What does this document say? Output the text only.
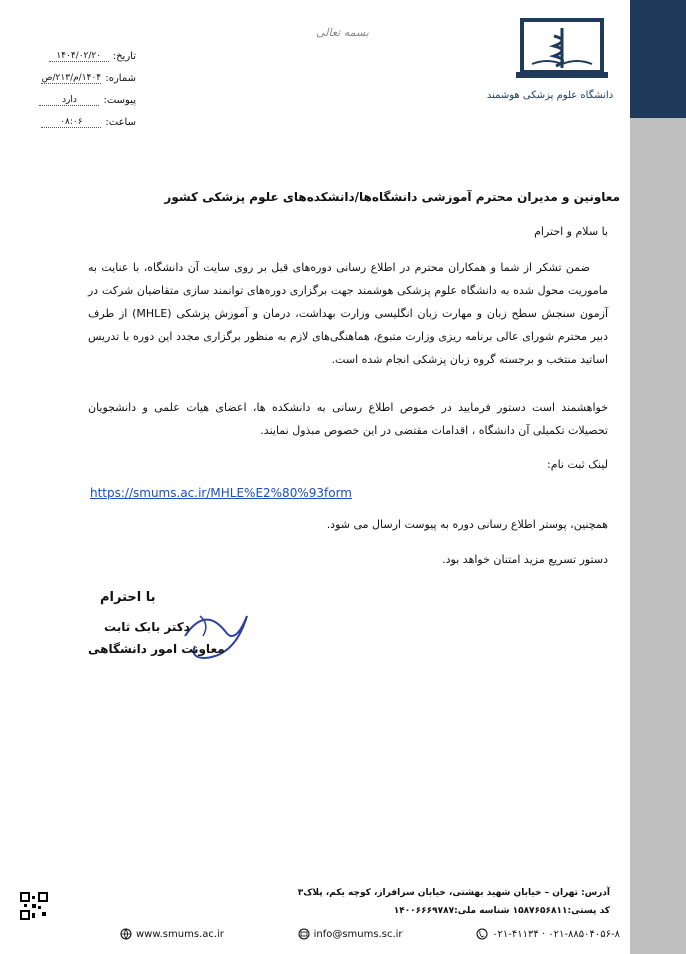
دانشگاه علوم پزشکی هوشمند
بسمه تعالی
تاریخ:
۱۴۰۴/۰۲/۲۰
شماره:
۱۴۰۴/م/۲۱۳/ص
پیوست:
دارد
ساعت:
۰۸:۰۶
معاونین و مدیران محترم آموزشی دانشگاه‌ها/دانشکده‌های علوم پزشکی کشور
با سلام و احترام
ضمن تشکر از شما و همکاران محترم در اطلاع رسانی دوره‌های قبل بر روی سایت آن دانشگاه، با عنایت به ماموریت محول شده به دانشگاه علوم پزشکی هوشمند جهت برگزاری دوره‌های توانمند سازی متقاضیان شرکت در آزمون سنجش سطح زبان و مهارت زبان انگلیسی وزارت بهداشت، درمان و آموزش پزشکی (MHLE) از طرف دبیر محترم شورای عالی برنامه ریزی وزارت متبوع، هماهنگی‌های لازم به منظور برگزاری مجدد این دوره با تدریس اساتید منتخب و برجسته گروه زبان پزشکی انجام شده است.
خواهشمند است دستور فرمایید در خصوص اطلاع رسانی به دانشکده ها، اعضای هیات علمی و دانشجویان تحصیلات تکمیلی آن دانشگاه ، اقدامات مقتضی در این خصوص مبذول نمایند.
لینک ثبت نام:
https://smums.ac.ir/MHLE%E2%80%93form
همچنین، پوستر اطلاع رسانی دوره به پیوست ارسال می شود.
دستور تسریع مزید امتنان خواهد بود.
با احترام
دکتر بابک ثابت
معاونت امور دانشگاهی
آدرس: تهران – خیابان شهید بهشتی، خیابان سرافراز، کوچه یکم، پلاک۳
کد پستی:۱۵۸۷۶۵۶۸۱۱ شناسه ملی:۱۴۰۰۶۶۶۹۷۸۷
www.smums.ac.ir	info@smums.sc.ir	۰۲۱-۴۱۱۳۴ · ۰۲۱-۸۸۵۰۴۰۵۶-۸
